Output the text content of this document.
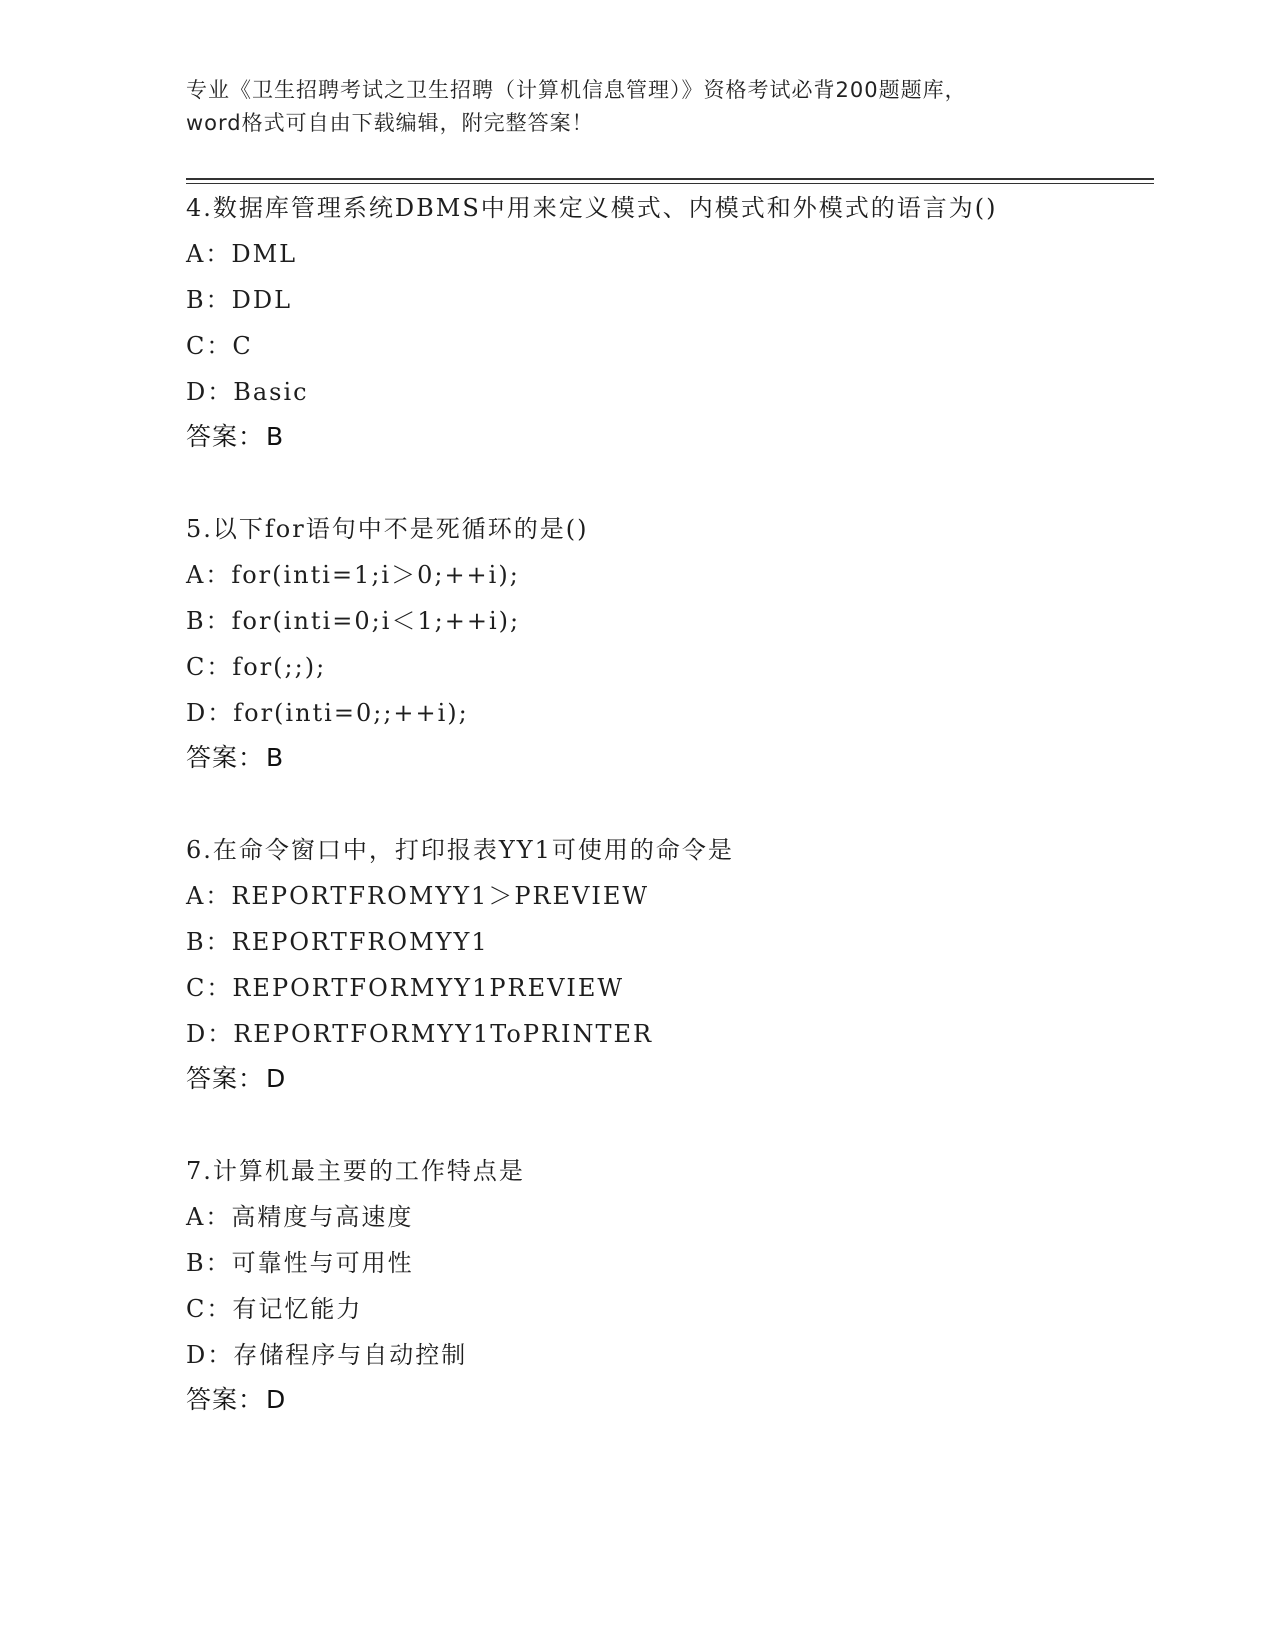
专业《卫生招聘考试之卫生招聘（计算机信息管理）》资格考试必背200题题库，
word格式可自由下载编辑，附完整答案！
4.数据库管理系统DBMS中用来定义模式、内模式和外模式的语言为()
A：DML
B：DDL
C：C
D：Basic
答案：B
5.以下for语句中不是死循环的是()
A：for(inti=1;i＞0;++i);
B：for(inti=0;i＜1;++i);
C：for(;;);
D：for(inti=0;;++i);
答案：B
6.在命令窗口中，打印报表YY1可使用的命令是
A：REPORTFROMYY1＞PREVIEW
B：REPORTFROMYY1
C：REPORTFORMYY1PREVIEW
D：REPORTFORMYY1ToPRINTER
答案：D
7.计算机最主要的工作特点是
A：高精度与高速度
B：可靠性与可用性
C：有记忆能力
D：存储程序与自动控制
答案：D
